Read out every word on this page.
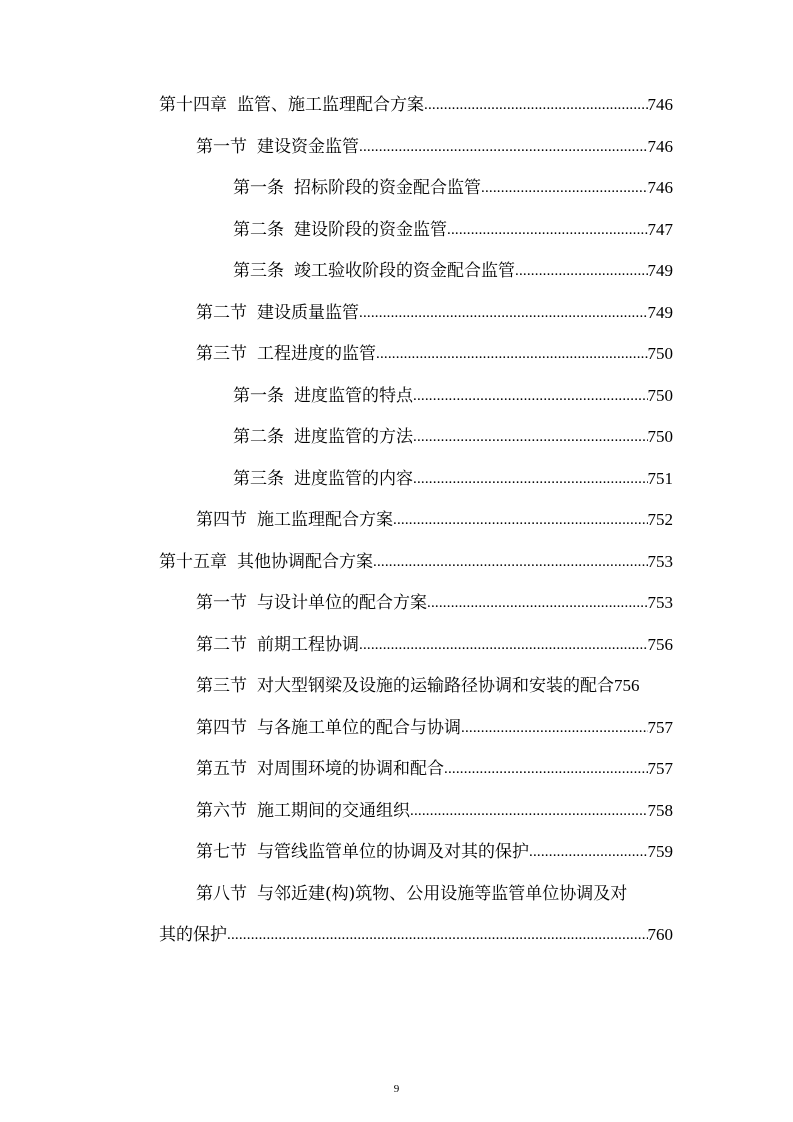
第十四章 监管、施工监理配合方案 .....	746
第一节 建设资金监管 .....	746
第一条 招标阶段的资金配合监管 .....	746
第二条 建设阶段的资金监管 .....	747
第三条 竣工验收阶段的资金配合监管 .....	749
第二节 建设质量监管 .....	749
第三节 工程进度的监管 .....	750
第一条 进度监管的特点 .....	750
第二条 进度监管的方法 .....	750
第三条 进度监管的内容 .....	751
第四节 施工监理配合方案 .....	752
第十五章 其他协调配合方案 .....	753
第一节 与设计单位的配合方案 .....	753
第二节 前期工程协调 .....	756
第三节 对大型钢梁及设施的运输路径协调和安装的配合 756
第四节 与各施工单位的配合与协调 .....	757
第五节 对周围环境的协调和配合 .....	757
第六节 施工期间的交通组织 .....	758
第七节 与管线监管单位的协调及对其的保护 .....	759
第八节 与邻近建(构)筑物、公用设施等监管单位协调及对
其的保护 .....	760
9
